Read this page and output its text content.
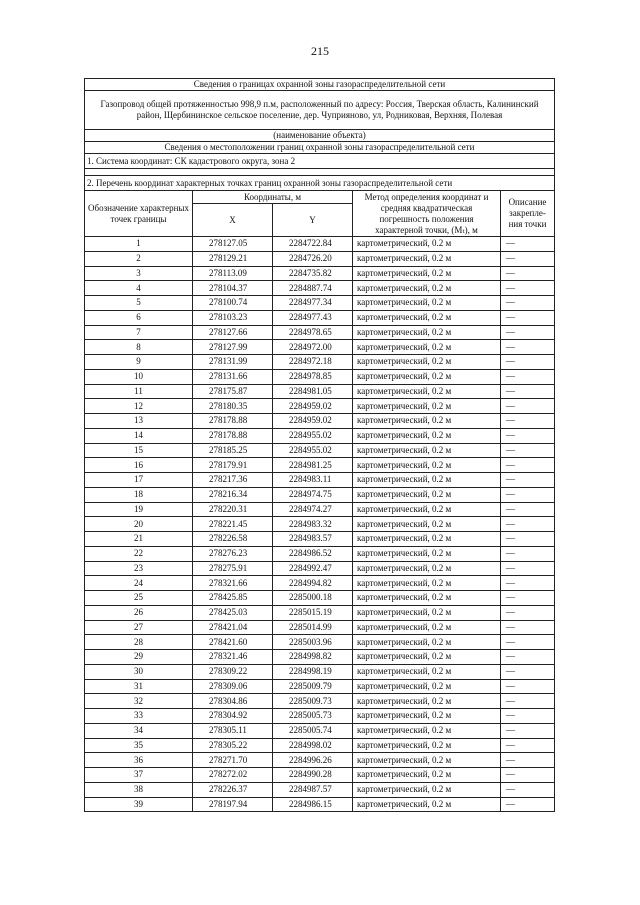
215
Сведения о границах охранной зоны газораспределительной сети				
Газопровод общей протяженностью 998,9 п.м, расположенный по адресу: Россия, Тверская область, Калининский район, Щербининское сельское поселение, дер. Чуприяново, ул, Родниковая, Верхняя, Полевая				
(наименование объекта)				
Сведения о местоположении границ охранной зоны газораспределительной сети				
1. Система координат: СК кадастрового округа, зона 2				

2. Перечень координат характерных точках границ охранной зоны газораспределительной сети				
Обозначение характерных точек границы	Координаты, м		Метод определения координат и средняя квадратическая погрешность положения характерной точки, (Mₜ), м	Описание закрепле-ния точки
	X	Y		
1	278127.05	2284722.84	картометрический, 0.2 м	—
2	278129.21	2284726.20	картометрический, 0.2 м	—
3	278113.09	2284735.82	картометрический, 0.2 м	—
4	278104.37	2284887.74	картометрический, 0.2 м	—
5	278100.74	2284977.34	картометрический, 0.2 м	—
6	278103.23	2284977.43	картометрический, 0.2 м	—
7	278127.66	2284978.65	картометрический, 0.2 м	—
8	278127.99	2284972.00	картометрический, 0.2 м	—
9	278131.99	2284972.18	картометрический, 0.2 м	—
10	278131.66	2284978.85	картометрический, 0.2 м	—
11	278175.87	2284981.05	картометрический, 0.2 м	—
12	278180.35	2284959.02	картометрический, 0.2 м	—
13	278178.88	2284959.02	картометрический, 0.2 м	—
14	278178.88	2284955.02	картометрический, 0.2 м	—
15	278185.25	2284955.02	картометрический, 0.2 м	—
16	278179.91	2284981.25	картометрический, 0.2 м	—
17	278217.36	2284983.11	картометрический, 0.2 м	—
18	278216.34	2284974.75	картометрический, 0.2 м	—
19	278220.31	2284974.27	картометрический, 0.2 м	—
20	278221.45	2284983.32	картометрический, 0.2 м	—
21	278226.58	2284983.57	картометрический, 0.2 м	—
22	278276.23	2284986.52	картометрический, 0.2 м	—
23	278275.91	2284992.47	картометрический, 0.2 м	—
24	278321.66	2284994.82	картометрический, 0.2 м	—
25	278425.85	2285000.18	картометрический, 0.2 м	—
26	278425.03	2285015.19	картометрический, 0.2 м	—
27	278421.04	2285014.99	картометрический, 0.2 м	—
28	278421.60	2285003.96	картометрический, 0.2 м	—
29	278321.46	2284998.82	картометрический, 0.2 м	—
30	278309.22	2284998.19	картометрический, 0.2 м	—
31	278309.06	2285009.79	картометрический, 0.2 м	—
32	278304.86	2285009.73	картометрический, 0.2 м	—
33	278304.92	2285005.73	картометрический, 0.2 м	—
34	278305.11	2285005.74	картометрический, 0.2 м	—
35	278305.22	2284998.02	картометрический, 0.2 м	—
36	278271.70	2284996.26	картометрический, 0.2 м	—
37	278272.02	2284990.28	картометрический, 0.2 м	—
38	278226.37	2284987.57	картометрический, 0.2 м	—
39	278197.94	2284986.15	картометрический, 0.2 м	—
